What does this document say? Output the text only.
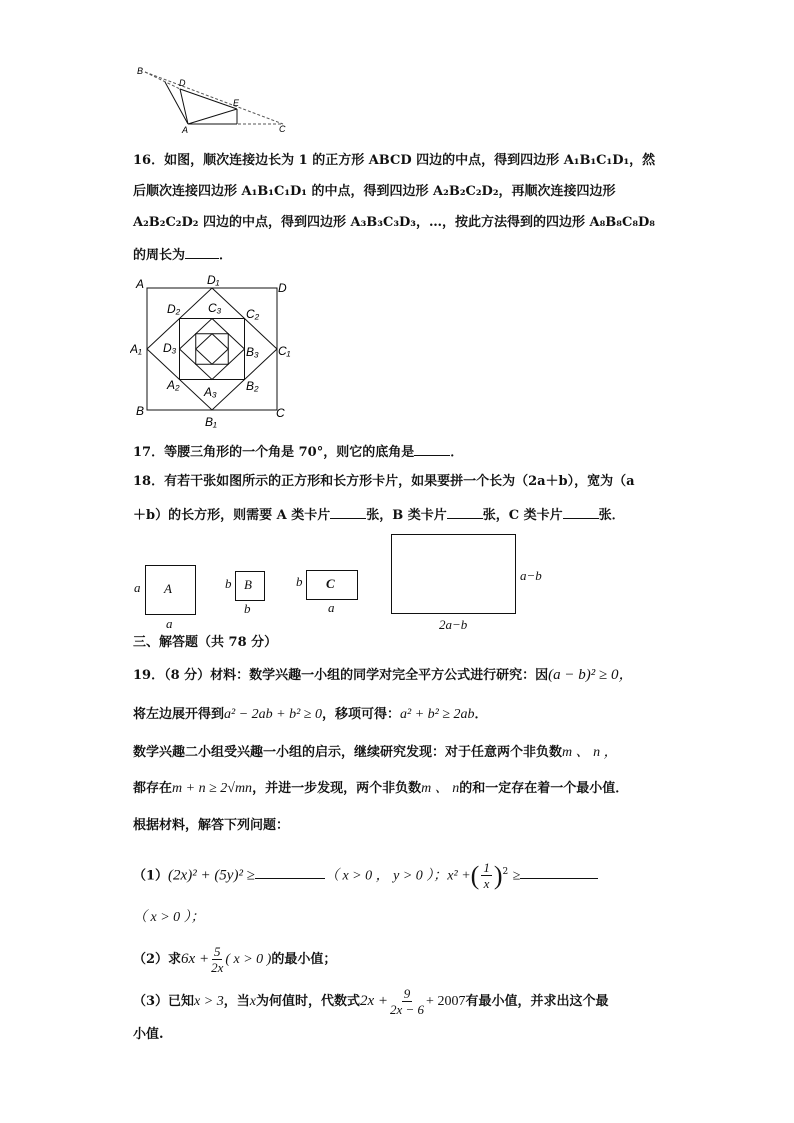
B
D
E
A	C
16．如图，顺次连接边长为 1 的正方形 ABCD 四边的中点，得到四边形 A₁B₁C₁D₁，然
后顺次连接四边形 A₁B₁C₁D₁ 的中点，得到四边形 A₂B₂C₂D₂，再顺次连接四边形
A₂B₂C₂D₂ 四边的中点，得到四边形 A₃B₃C₃D₃，…，按此方法得到的四边形 A₈B₈C₈D₈
的周长为	．
A	D
B	C
D₁
A₁	C₁
B₁
D₂	C₂
A₂	B₂
C₃
D₃	B₃
A₃
17．等腰三角形的一个角是 70°，则它的底角是	．
18．有若干张如图所示的正方形和长方形卡片，如果要拼一个长为（2a＋b），宽为（a
＋b）的长方形，则需要 A 类卡片	张，B 类卡片	张，C 类卡片	张．
A
a
a
B
b
b
C
b
a
a−b
2a−b
三、解答题（共 78 分）
19．（8 分）材料：数学兴趣一小组的同学对完全平方公式进行研究：因(a − b)² ≥ 0，
将左边展开得到a² − 2ab + b² ≥ 0，移项可得：a² + b² ≥ 2ab．
数学兴趣二小组受兴趣一小组的启示，继续研究发现：对于任意两个非负数m 、 n ，
都存在m + n ≥ 2√mn，并进一步发现，两个非负数m 、 n的和一定存在着一个最小值．
根据材料，解答下列问题：
（1）(2x)² + (5y)² ≥	（ x > 0 ， y > 0 ）；x² +( $\frac{1}{x} )^2$ ≥
（ x > 0 ）；
（2）求$6x + \frac{5}{2x}$ ( x > 0 )的最小值；
（3）已知x > 3，当x为何值时，代数式$2x + \frac{9}{2x - 6} + 2007$有最小值，并求出这个最
小值.
